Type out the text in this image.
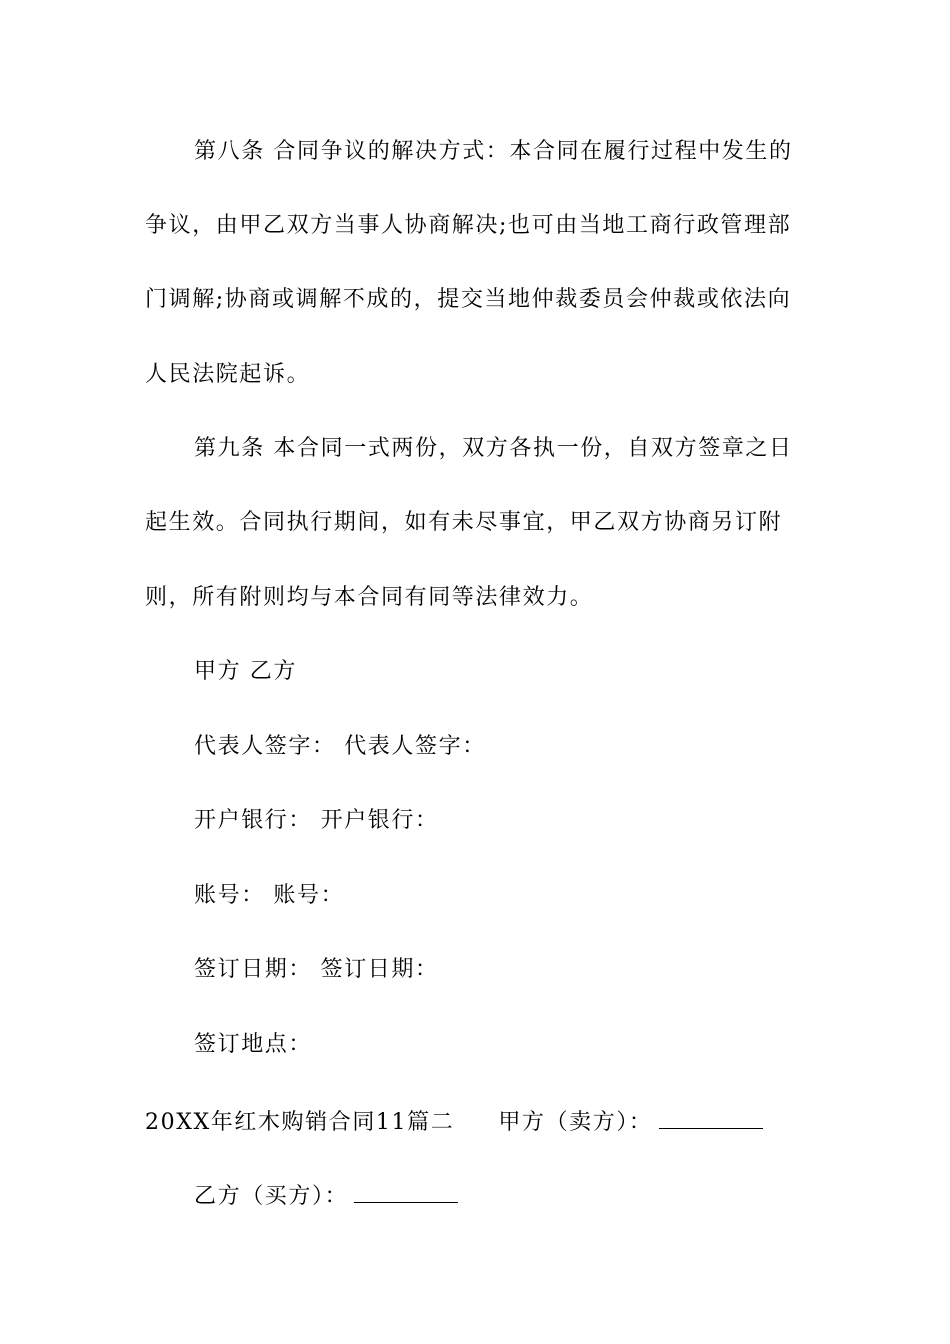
第八条 合同争议的解决方式：本合同在履行过程中发生的
争议，由甲乙双方当事人协商解决;也可由当地工商行政管理部
门调解;协商或调解不成的，提交当地仲裁委员会仲裁或依法向
人民法院起诉。
第九条 本合同一式两份，双方各执一份，自双方签章之日
起生效。合同执行期间，如有未尽事宜，甲乙双方协商另订附
则，所有附则均与本合同有同等法律效力。
甲方 乙方
代表人签字： 代表人签字：
开户银行： 开户银行：
账号： 账号：
签订日期： 签订日期：
签订地点：
20XX年红木购销合同11篇二 甲方（卖方）：
乙方（买方）：
